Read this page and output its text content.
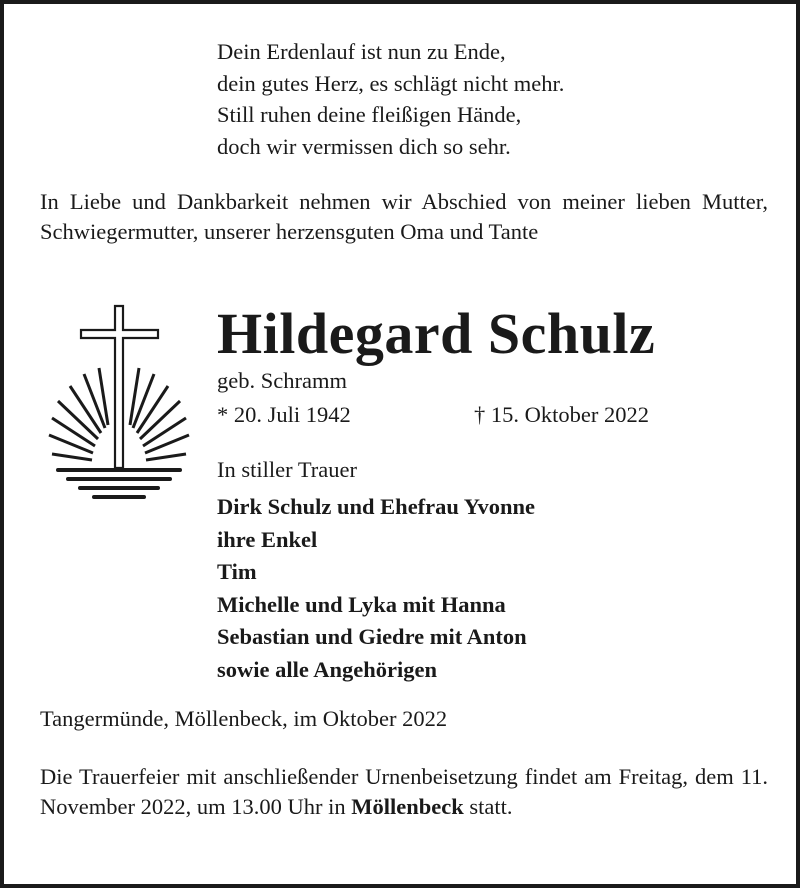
Dein Erdenlauf ist nun zu Ende,
dein gutes Herz, es schlägt nicht mehr.
Still ruhen deine fleißigen Hände,
doch wir vermissen dich so sehr.
In Liebe und Dankbarkeit nehmen wir Abschied von meiner lieben Mutter, Schwiegermutter, unserer herzensguten Oma und Tante
Hildegard Schulz
geb. Schramm
* 20. Juli 1942	† 15. Oktober 2022
In stiller Trauer
Dirk Schulz und Ehefrau Yvonne
ihre Enkel
Tim
Michelle und Lyka mit Hanna
Sebastian und Giedre mit Anton
sowie alle Angehörigen
Tangermünde, Möllenbeck, im Oktober 2022
Die Trauerfeier mit anschließender Urnenbeisetzung findet am Freitag, dem 11. November 2022, um 13.00 Uhr in Möllenbeck statt.
